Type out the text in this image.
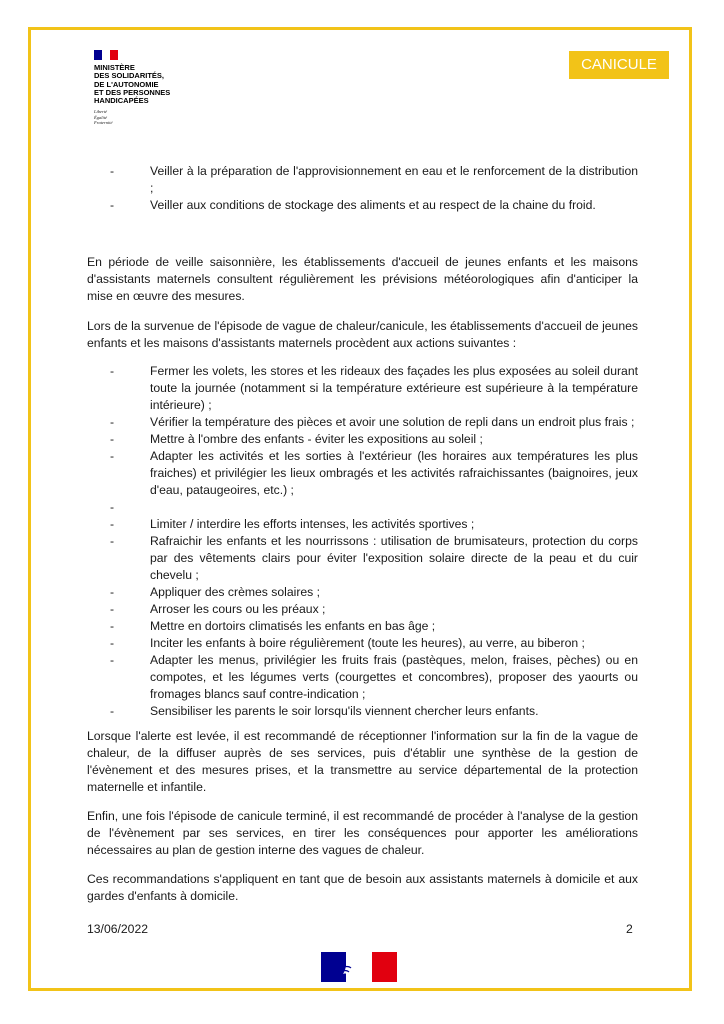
MINISTÈRE
DES SOLIDARITÉS,
DE L'AUTONOMIE
ET DES PERSONNES
HANDICAPÉES
Liberté
Égalité
Fraternité
CANICULE
-	Veiller à la préparation de l'approvisionnement en eau et le renforcement de la distribution ;
-	Veiller aux conditions de stockage des aliments et au respect de la chaine du froid.

En période de veille saisonnière, les établissements d'accueil de jeunes enfants et les maisons d'assistants maternels consultent régulièrement les prévisions météorologiques afin d'anticiper la mise en œuvre des mesures.

Lors de la survenue de l'épisode de vague de chaleur/canicule, les établissements d'accueil de jeunes enfants et les maisons d'assistants maternels procèdent aux actions suivantes :

-	Fermer les volets, les stores et les rideaux des façades les plus exposées au soleil durant toute la journée (notamment si la température extérieure est supérieure à la température intérieure) ;
-	Vérifier la température des pièces et avoir une solution de repli dans un endroit plus frais ;
-	Mettre à l'ombre des enfants - éviter les expositions au soleil ;
-	Adapter les activités et les sorties à l'extérieur (les horaires aux températures les plus fraiches) et privilégier les lieux ombragés et les activités rafraichissantes (baignoires, jeux d'eau, pataugeoires, etc.) ;
-

-	Limiter / interdire les efforts intenses, les activités sportives ;
-	Rafraichir les enfants et les nourrissons : utilisation de brumisateurs, protection du corps par des vêtements clairs pour éviter l'exposition solaire directe de la peau et du cuir chevelu ;
-	Appliquer des crèmes solaires ;
-	Arroser les cours ou les préaux ;
-	Mettre en dortoirs climatisés les enfants en bas âge ;
-	Inciter les enfants à boire régulièrement (toute les heures), au verre, au biberon ;
-	Adapter les menus, privilégier les fruits frais (pastèques, melon, fraises, pèches) ou en compotes, et les légumes verts (courgettes et concombres), proposer des yaourts ou fromages blancs sauf contre-indication ;
-	Sensibiliser les parents le soir lorsqu'ils viennent chercher leurs enfants.

Lorsque l'alerte est levée, il est recommandé de réceptionner l'information sur la fin de la vague de chaleur, de la diffuser auprès de ses services, puis d'établir une synthèse de la gestion de l'évènement et des mesures prises, et la transmettre au service départemental de la protection maternelle et infantile.

Enfin, une fois l'épisode de canicule terminé, il est recommandé de procéder à l'analyse de la gestion de l'évènement par ses services, en tirer les conséquences pour apporter les améliorations nécessaires au plan de gestion interne des vagues de chaleur.

Ces recommandations s'appliquent en tant que de besoin aux assistants maternels à domicile et aux gardes d'enfants à domicile.

13/06/2022	2
